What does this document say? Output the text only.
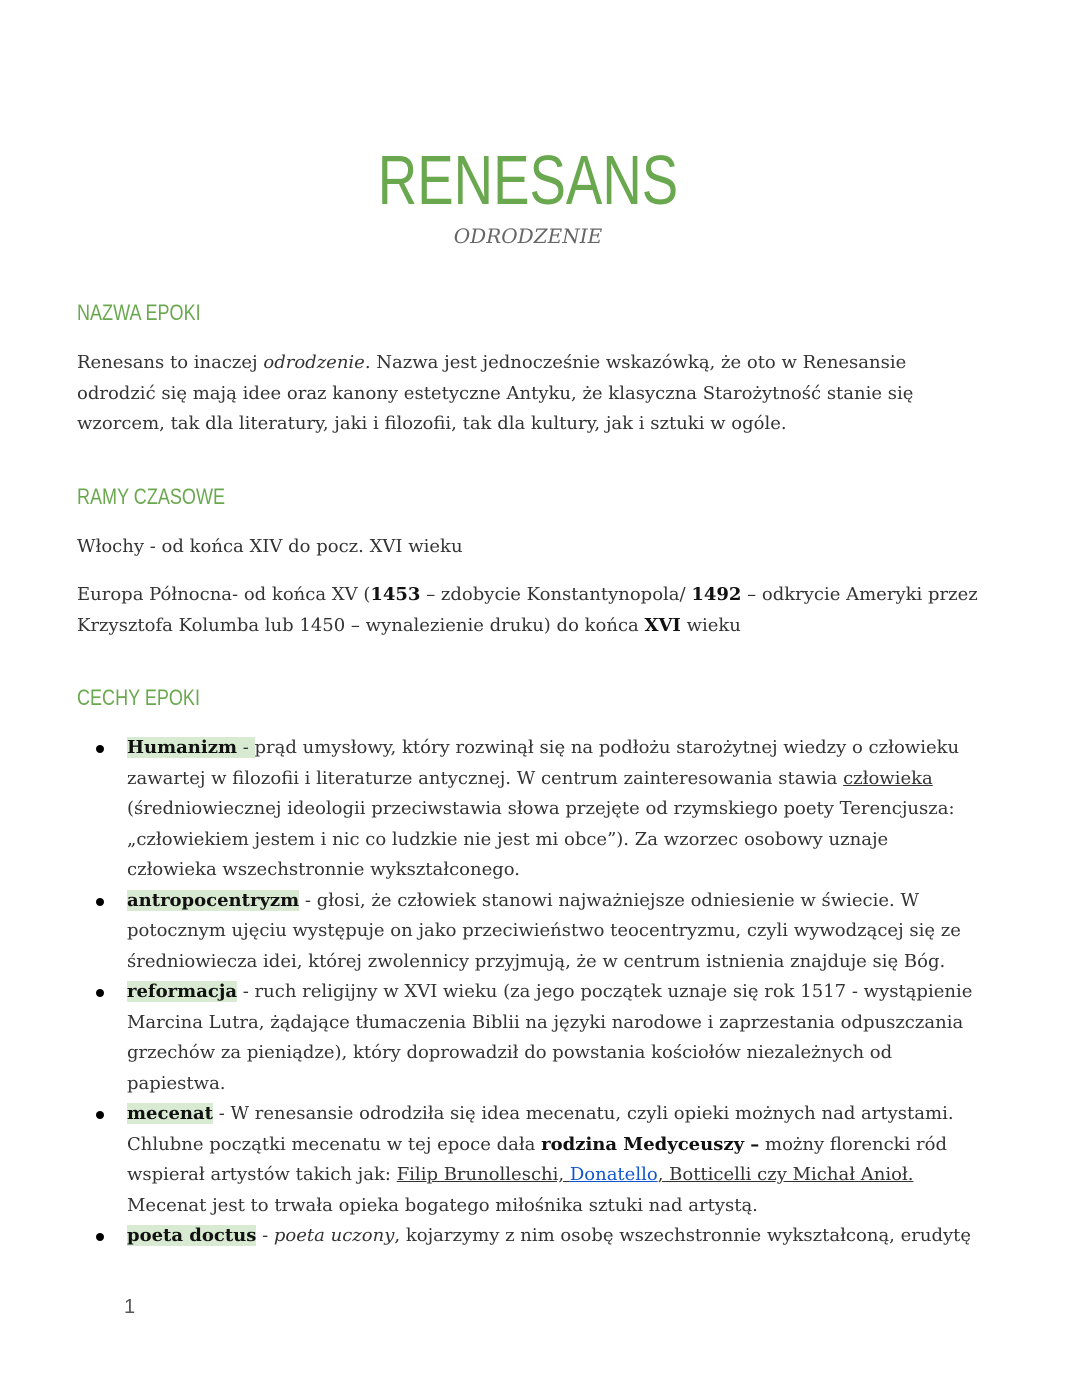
RENESANS
ODRODZENIE
NAZWA EPOKI
Renesans to inaczej odrodzenie. Nazwa jest jednocześnie wskazówką, że oto w Renesansie odrodzić się mają idee oraz kanony estetyczne Antyku, że klasyczna Starożytność stanie się wzorcem, tak dla literatury, jaki i filozofii, tak dla kultury, jak i sztuki w ogóle.
RAMY CZASOWE
Włochy - od końca XIV do pocz. XVI wieku
Europa Północna- od końca XV (1453 – zdobycie Konstantynopola/ 1492 – odkrycie Ameryki przez Krzysztofa Kolumba lub 1450 – wynalezienie druku) do końca XVI wieku
CECHY EPOKI
Humanizm - prąd umysłowy, który rozwinął się na podłożu starożytnej wiedzy o człowieku zawartej w filozofii i literaturze antycznej. W centrum zainteresowania stawia człowieka (średniowiecznej ideologii przeciwstawia słowa przejęte od rzymskiego poety Terencjusza: „człowiekiem jestem i nic co ludzkie nie jest mi obce”). Za wzorzec osobowy uznaje człowieka wszechstronnie wykształconego.
antropocentryzm - głosi, że człowiek stanowi najważniejsze odniesienie w świecie. W potocznym ujęciu występuje on jako przeciwieństwo teocentryzmu, czyli wywodzącej się ze średniowiecza idei, której zwolennicy przyjmują, że w centrum istnienia znajduje się Bóg.
reformacja - ruch religijny w XVI wieku (za jego początek uznaje się rok 1517 - wystąpienie Marcina Lutra, żądające tłumaczenia Biblii na języki narodowe i zaprzestania odpuszczania grzechów za pieniądze), który doprowadził do powstania kościołów niezależnych od papiestwa.
mecenat - W renesansie odrodziła się idea mecenatu, czyli opieki możnych nad artystami. Chlubne początki mecenatu w tej epoce dała rodzina Medyceuszy – możny florencki ród wspierał artystów takich jak: Filip Brunolleschi, Donatello, Botticelli czy Michał Anioł. Mecenat jest to trwała opieka bogatego miłośnika sztuki nad artystą.
poeta doctus - poeta uczony, kojarzymy z nim osobę wszechstronnie wykształconą, erudytę
1
